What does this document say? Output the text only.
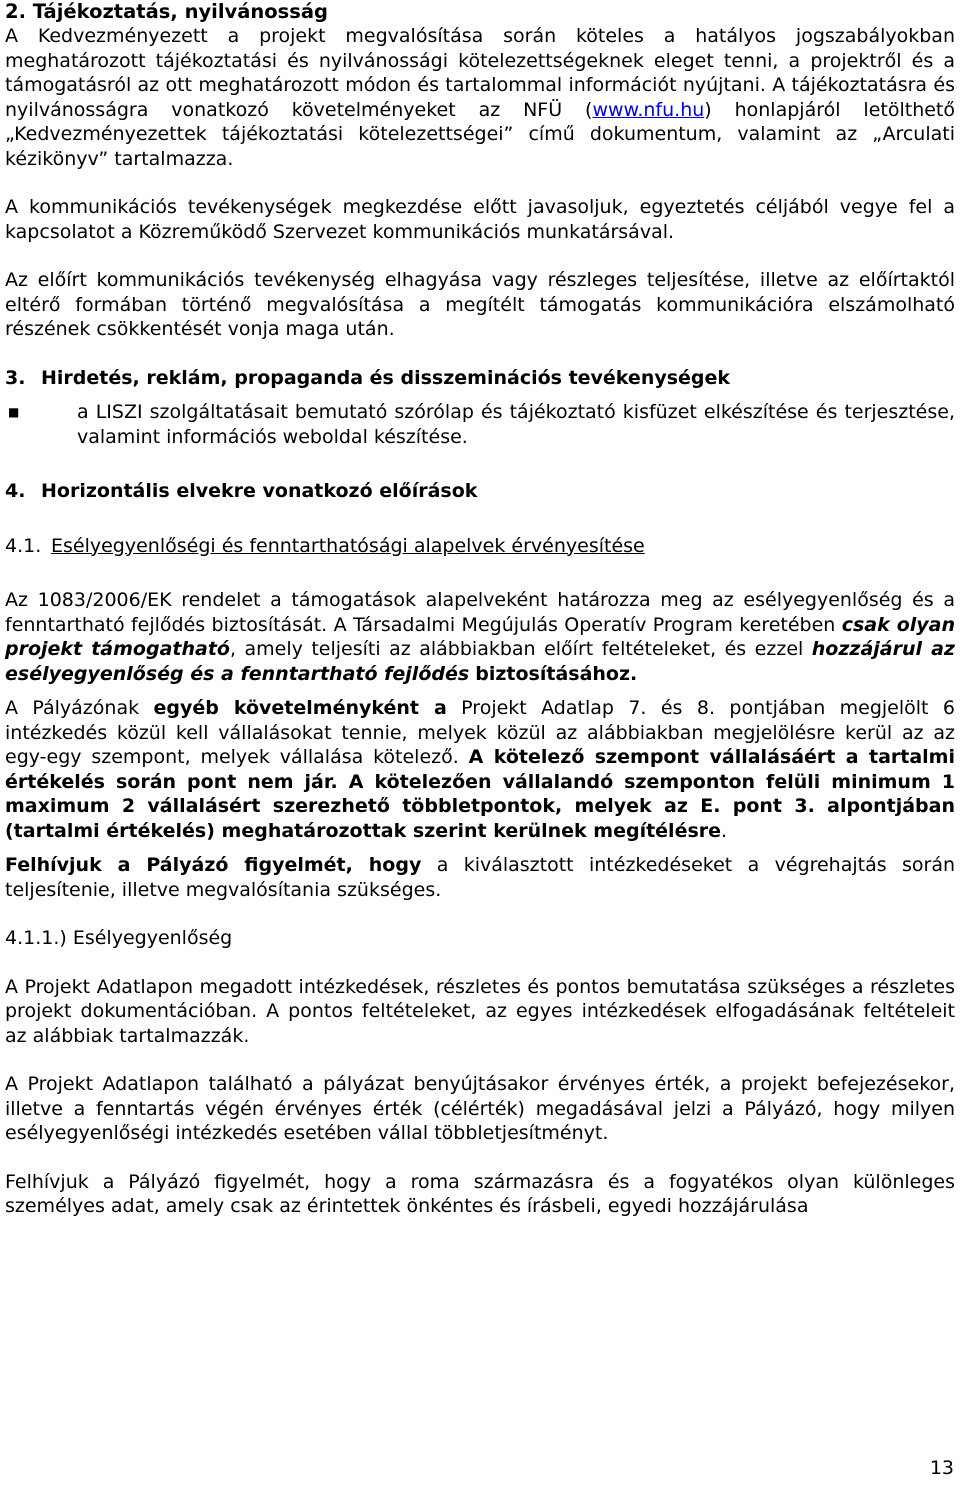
2. Tájékoztatás, nyilvánosság

A Kedvezményezett a projekt megvalósítása során köteles a hatályos jogszabályokban meghatározott tájékoztatási és nyilvánossági kötelezettségeknek eleget tenni, a projektről és a támogatásról az ott meghatározott módon és tartalommal információt nyújtani. A tájékoztatásra és nyilvánosságra vonatkozó követelményeket az NFÜ (www.nfu.hu) honlapjáról letölthető „Kedvezményezettek tájékoztatási kötelezettségei” című dokumentum, valamint az „Arculati kézikönyv” tartalmazza.

A kommunikációs tevékenységek megkezdése előtt javasoljuk, egyeztetés céljából vegye fel a kapcsolatot a Közreműködő Szervezet kommunikációs munkatársával.

Az előírt kommunikációs tevékenység elhagyása vagy részleges teljesítése, illetve az előírtaktól eltérő formában történő megvalósítása a megítélt támogatás kommunikációra elszámolható részének csökkentését vonja maga után.

3. Hirdetés, reklám, propaganda és disszeminációs tevékenységek

■	a LISZI szolgáltatásait bemutató szórólap és tájékoztató kisfüzet elkészítése és terjesztése, valamint információs weboldal készítése.

4. Horizontális elvekre vonatkozó előírások

4.1. Esélyegyenlőségi és fenntarthatósági alapelvek érvényesítése

Az 1083/2006/EK rendelet a támogatások alapelveként határozza meg az esélyegyenlőség és a fenntartható fejlődés biztosítását. A Társadalmi Megújulás Operatív Program keretében csak olyan projekt támogatható, amely teljesíti az alábbiakban előírt feltételeket, és ezzel hozzájárul az esélyegyenlőség és a fenntartható fejlődés biztosításához.

A Pályázónak egyéb követelményként a Projekt Adatlap 7. és 8. pontjában megjelölt 6 intézkedés közül kell vállalásokat tennie, melyek közül az alábbiakban megjelölésre kerül az az egy-egy szempont, melyek vállalása kötelező. A kötelező szempont vállalásáért a tartalmi értékelés során pont nem jár. A kötelezően vállalandó szemponton felüli minimum 1 maximum 2 vállalásért szerezhető többletpontok, melyek az E. pont 3. alpontjában (tartalmi értékelés) meghatározottak szerint kerülnek megítélésre.

Felhívjuk a Pályázó figyelmét, hogy a kiválasztott intézkedéseket a végrehajtás során teljesítenie, illetve megvalósítania szükséges.

4.1.1.) Esélyegyenlőség

A Projekt Adatlapon megadott intézkedések, részletes és pontos bemutatása szükséges a részletes projekt dokumentációban. A pontos feltételeket, az egyes intézkedések elfogadásának feltételeit az alábbiak tartalmazzák.

A Projekt Adatlapon található a pályázat benyújtásakor érvényes érték, a projekt befejezésekor, illetve a fenntartás végén érvényes érték (célérték) megadásával jelzi a Pályázó, hogy milyen esélyegyenlőségi intézkedés esetében vállal többletjesítményt.

Felhívjuk a Pályázó figyelmét, hogy a roma származásra és a fogyatékos olyan különleges személyes adat, amely csak az érintettek önkéntes és írásbeli, egyedi hozzájárulása

13
